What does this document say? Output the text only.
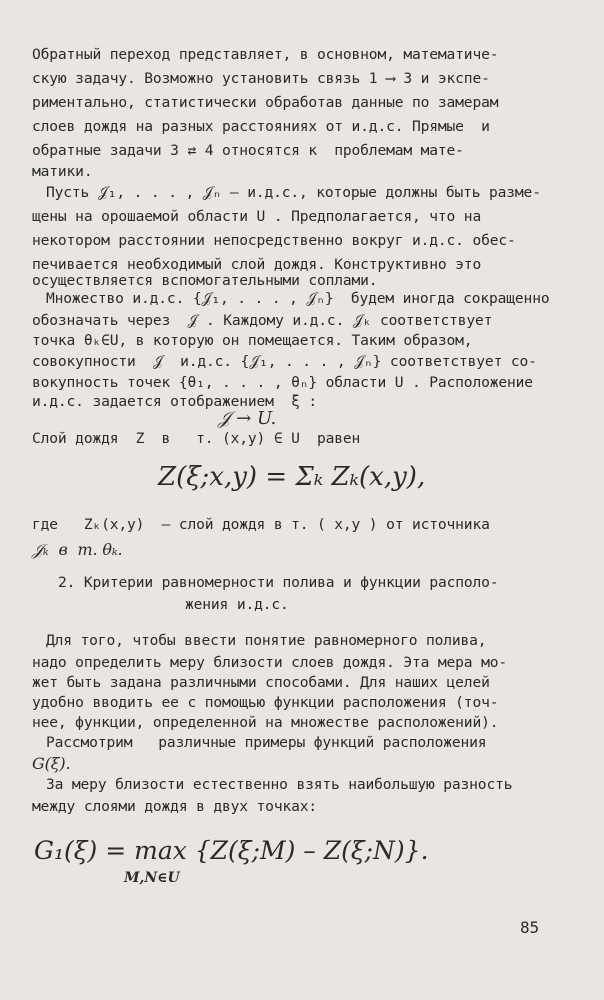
Обратный переход представляет, в основном, математиче-
скую задачу. Возможно установить связь 1 ⟶ 3 и экспе-
риментально, статистически обработав данные по замерам
слоев дождя на разных расстояниях от и.д.с. Прямые  и
обратные задачи 3 ⇄ 4 относятся к  проблемам мате-
матики.
Пусть 𝒥₁, . . . , 𝒥ₙ – и.д.с., которые должны быть разме-
щены на орошаемой области U . Предполагается, что на
некотором расстоянии непосредственно вокруг и.д.с. обес-
печивается необходимый слой дождя. Конструктивно это
осуществляется вспомогательными соплами.
Множество и.д.с. {𝒥₁, . . . , 𝒥ₙ}  будем иногда сокращенно
обозначать через  𝒥 . Каждому и.д.с. 𝒥ₖ соответствует
точка θₖ∈U, в которую он помещается. Таким образом,
совокупности  𝒥  и.д.с. {𝒥₁, . . . , 𝒥ₙ} соответствует со-
вокупность точек {θ₁, . . . , θₙ} области U . Расположение
и.д.с. задается отображением  ξ :
𝒥 → U.
Слой дождя  Z  в   т. (x,y) ∈ U  равен
Z(ξ;x,y) = Σₖ Zₖ(x,y),
где   Zₖ(x,y)  – слой дождя в т. ( x,y ) от источника
𝒥ₖ  в  т. θₖ.
2. Критерии равномерности полива и функции располо-
жения и.д.с.
Для того, чтобы ввести понятие равномерного полива,
надо определить меру близости слоев дождя. Эта мера мо-
жет быть задана различными способами. Для наших целей
удобно вводить ее с помощью функции расположения (точ-
нее, функции, определенной на множестве расположений).
Рассмотрим   различные примеры функций расположения
G(ξ).
За меру близости естественно взять наибольшую разность
между слоями дождя в двух точках:
G₁(ξ) = max {Z(ξ;M) – Z(ξ;N)}.
M,N∈U
85
